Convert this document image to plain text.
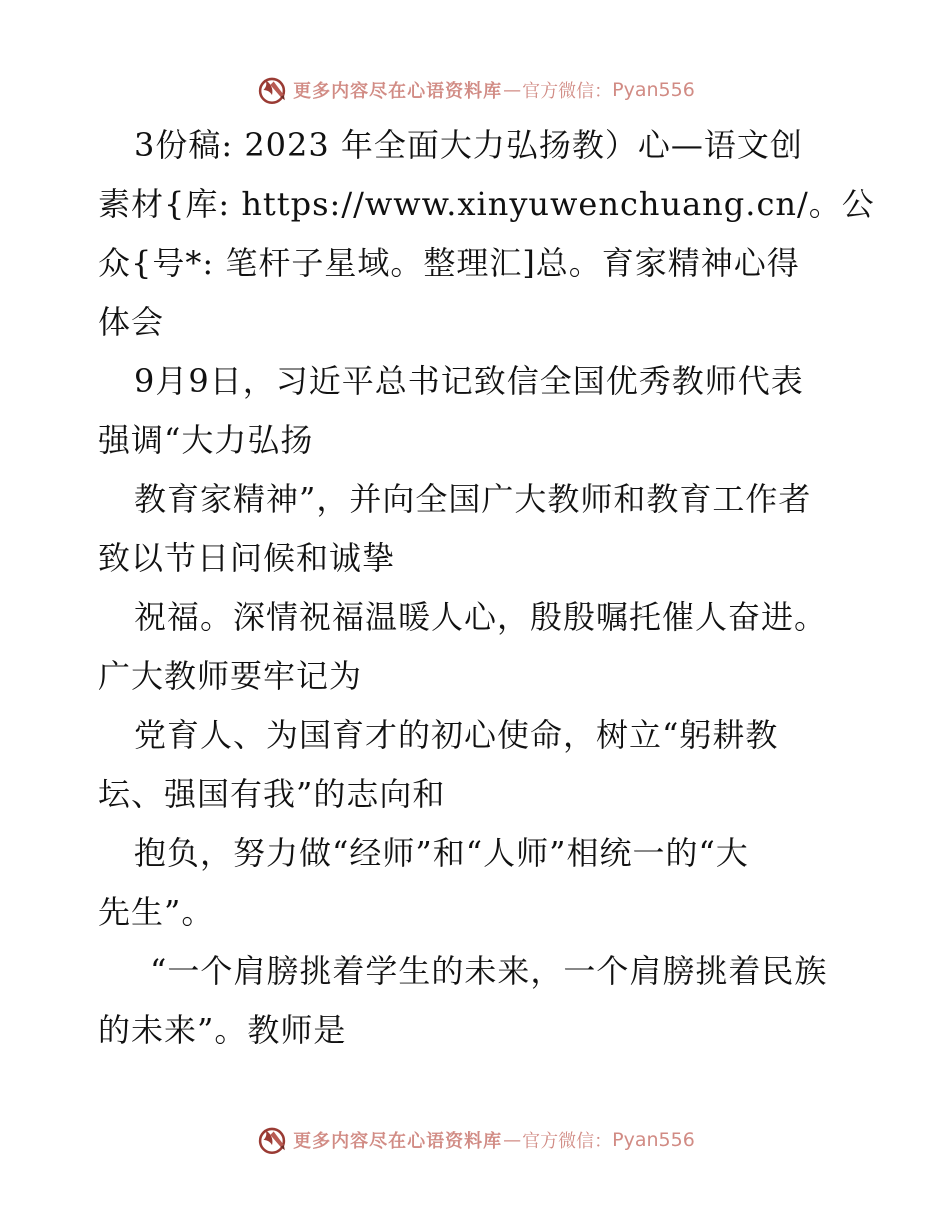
更多内容尽在心语资料库 — 官方微信： Pyan556
3份稿: 2023 年全面大力弘扬教）心—语文创
素材{库: https://www.xinyuwenchuang.cn/。公
众{号*: 笔杆子星域。整理汇]总。育家精神心得
体会
9月9日，习近平总书记致信全国优秀教师代表
强调“大力弘扬
教育家精神”，并向全国广大教师和教育工作者
致以节日问候和诚挚
祝福。深情祝福温暖人心，殷殷嘱托催人奋进。
广大教师要牢记为
党育人、为国育才的初心使命，树立“躬耕教
坛、强国有我”的志向和
抱负，努力做“经师”和“人师”相统一的“大
先生”。
“一个肩膀挑着学生的未来，一个肩膀挑着民族
的未来”。教师是
更多内容尽在心语资料库 — 官方微信： Pyan556
